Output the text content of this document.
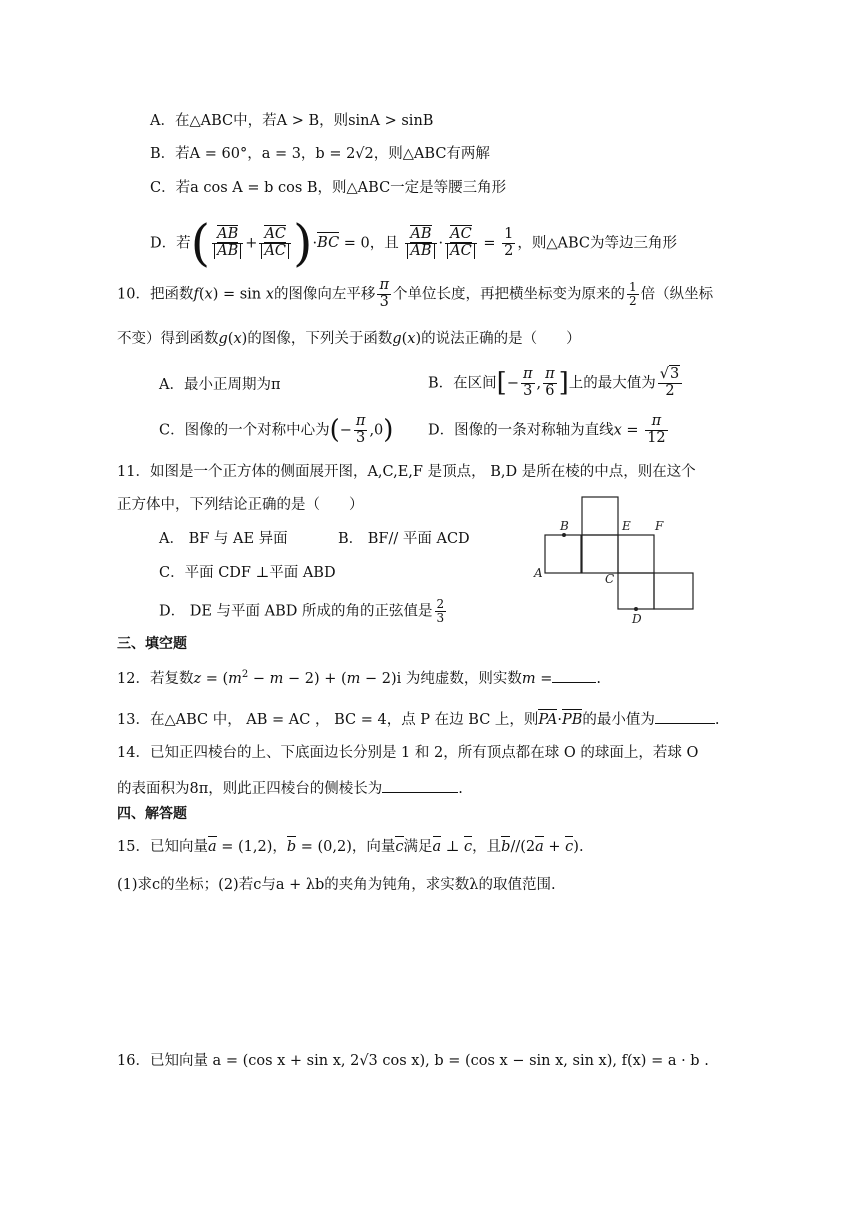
A．在△ABC中，若A > B，则sinA > sinB
B．若A = 60°，a = 3，b = 2√2，则△ABC有两解
C．若a cos A = b cos B，则△ABC一定是等腰三角形
D．若( $\frac{AB}{AB} + \frac{AC}{AC} )\cdot BC = 0$，且 $\frac{AB}{AB} \cdot \frac{AC}{AC} = \frac{1}{2}$ ，则△ABC为等边三角形
10．把函数f(x) = sin x的图像向左平移 $\frac{\pi}{3}$ 个单位长度，再把横坐标变为原来的 $\frac{1}{2}$ 倍（纵坐标
不变）得到函数g(x)的图像，下列关于函数g(x)的说法正确的是（　　）
A．最小正周期为π	B．在区间[− $\frac{\pi}{3}$ , $\frac{\pi}{6}$ ]上的最大值为 $\frac{√3}{2}$
C．图像的一个对称中心为(− $\frac{\pi}{3} ,0$) D．图像的一条对称轴为直线$x = \frac{\pi}{12}$
11．如图是一个正方体的侧面展开图，A,C,E,F 是顶点， B,D 是所在棱的中点，则在这个
正方体中，下列结论正确的是（　　）
A． BF 与 AE 异面	B． BF// 平面 ACD
C．平面 CDF ⊥平面 ABD
D． DE 与平面 ABD 所成的角的正弦值是 $\frac{2}{3}$
B	E F
A	C
D
三、填空题
12．若复数$z = (m^2 - m - 2) + (m - 2)i$ 为纯虚数，则实数m =	.
13．在△ABC 中， AB = AC ， BC = 4，点 P 在边 BC 上，则PA·PB的最小值为	.
14．已知正四棱台的上、下底面边长分别是 1 和 2，所有顶点都在球 O 的球面上，若球 O
的表面积为8π，则此正四棱台的侧棱长为	.
四、解答题
15．已知向量a = (1,2)，b = (0,2)，向量c满足a ⊥ c，且b//(2a + c).
(1)求c的坐标；(2)若c与a + λb的夹角为钝角，求实数λ的取值范围.
16．已知向量 a = (cos x + sin x, 2√3 cos x), b = (cos x − sin x, sin x), f(x) = a · b .
